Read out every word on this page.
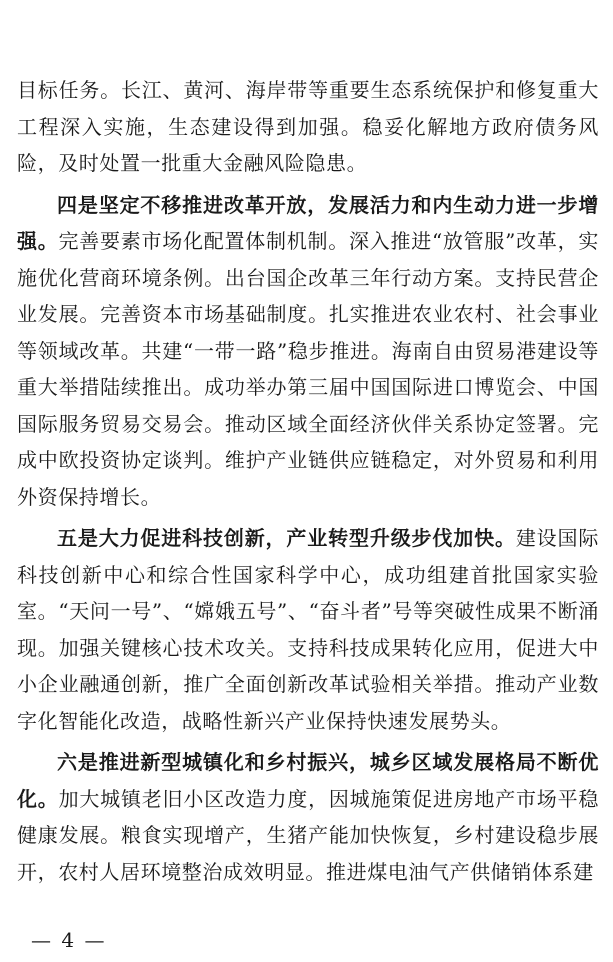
目标任务。长江、黄河、海岸带等重要生态系统保护和修复重大工程深入实施，生态建设得到加强。稳妥化解地方政府债务风险，及时处置一批重大金融风险隐患。

四是坚定不移推进改革开放，发展活力和内生动力进一步增强。完善要素市场化配置体制机制。深入推进“放管服”改革，实施优化营商环境条例。出台国企改革三年行动方案。支持民营企业发展。完善资本市场基础制度。扎实推进农业农村、社会事业等领域改革。共建“一带一路”稳步推进。海南自由贸易港建设等重大举措陆续推出。成功举办第三届中国国际进口博览会、中国国际服务贸易交易会。推动区域全面经济伙伴关系协定签署。完成中欧投资协定谈判。维护产业链供应链稳定，对外贸易和利用外资保持增长。

五是大力促进科技创新，产业转型升级步伐加快。建设国际科技创新中心和综合性国家科学中心，成功组建首批国家实验室。“天问一号”、“嫦娥五号”、“奋斗者”号等突破性成果不断涌现。加强关键核心技术攻关。支持科技成果转化应用，促进大中小企业融通创新，推广全面创新改革试验相关举措。推动产业数字化智能化改造，战略性新兴产业保持快速发展势头。

六是推进新型城镇化和乡村振兴，城乡区域发展格局不断优化。加大城镇老旧小区改造力度，因城施策促进房地产市场平稳健康发展。粮食实现增产，生猪产能加快恢复，乡村建设稳步展开，农村人居环境整治成效明显。推进煤电油气产供储销体系建

— 4 —
